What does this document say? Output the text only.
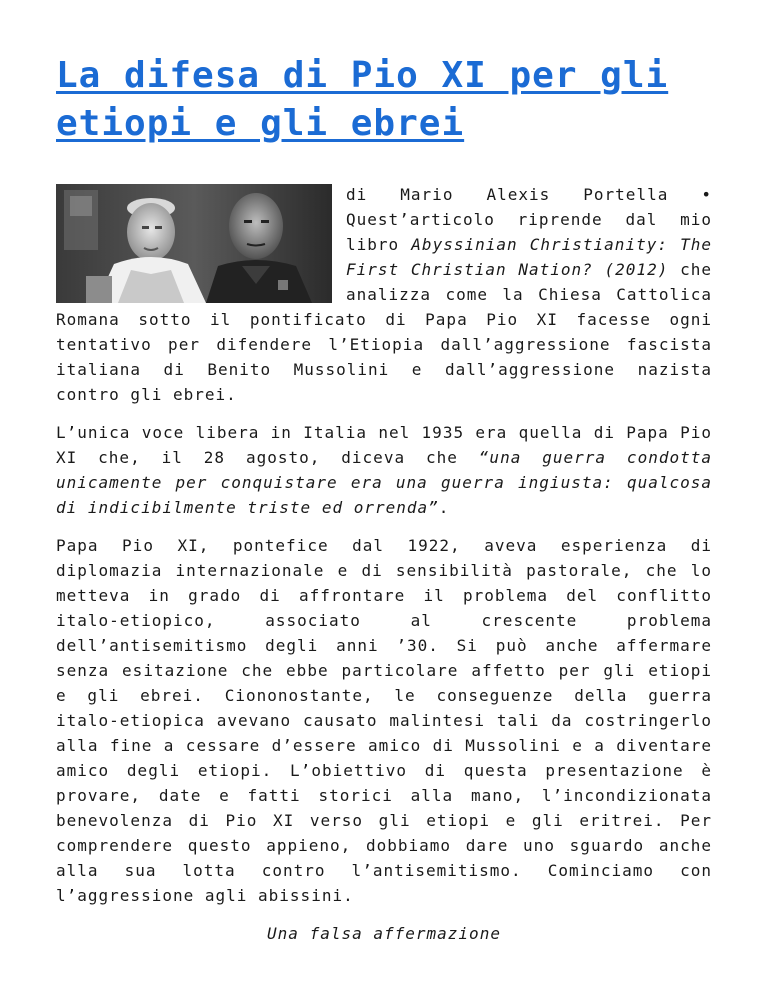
La difesa di Pio XI per gli etiopi e gli ebrei

di Mario Alexis Portella • Quest’articolo riprende dal mio libro Abyssinian Christianity: The First Christian Nation? (2012) che analizza come la Chiesa Cattolica Romana sotto il pontificato di Papa Pio XI facesse ogni tentativo per difendere l’Etiopia dall’aggressione fascista italiana di Benito Mussolini e dall’aggressione nazista contro gli ebrei.

L’unica voce libera in Italia nel 1935 era quella di Papa Pio XI che, il 28 agosto, diceva che “una guerra condotta unicamente per conquistare era una guerra ingiusta: qualcosa di indicibilmente triste ed orrenda”.

Papa Pio XI, pontefice dal 1922, aveva esperienza di diplomazia internazionale e di sensibilità pastorale, che lo metteva in grado di affrontare il problema del conflitto italo-etiopico, associato al crescente problema dell’antisemitismo degli anni ’30. Si può anche affermare senza esitazione che ebbe particolare affetto per gli etiopi e gli ebrei. Ciononostante, le conseguenze della guerra italo-etiopica avevano causato malintesi tali da costringerlo alla fine a cessare d’essere amico di Mussolini e a diventare amico degli etiopi. L’obiettivo di questa presentazione è provare, date e fatti storici alla mano, l’incondizionata benevolenza di Pio XI verso gli etiopi e gli eritrei. Per comprendere questo appieno, dobbiamo dare uno sguardo anche alla sua lotta contro l’antisemitismo. Cominciamo con l’aggressione agli abissini.

Una falsa affermazione
